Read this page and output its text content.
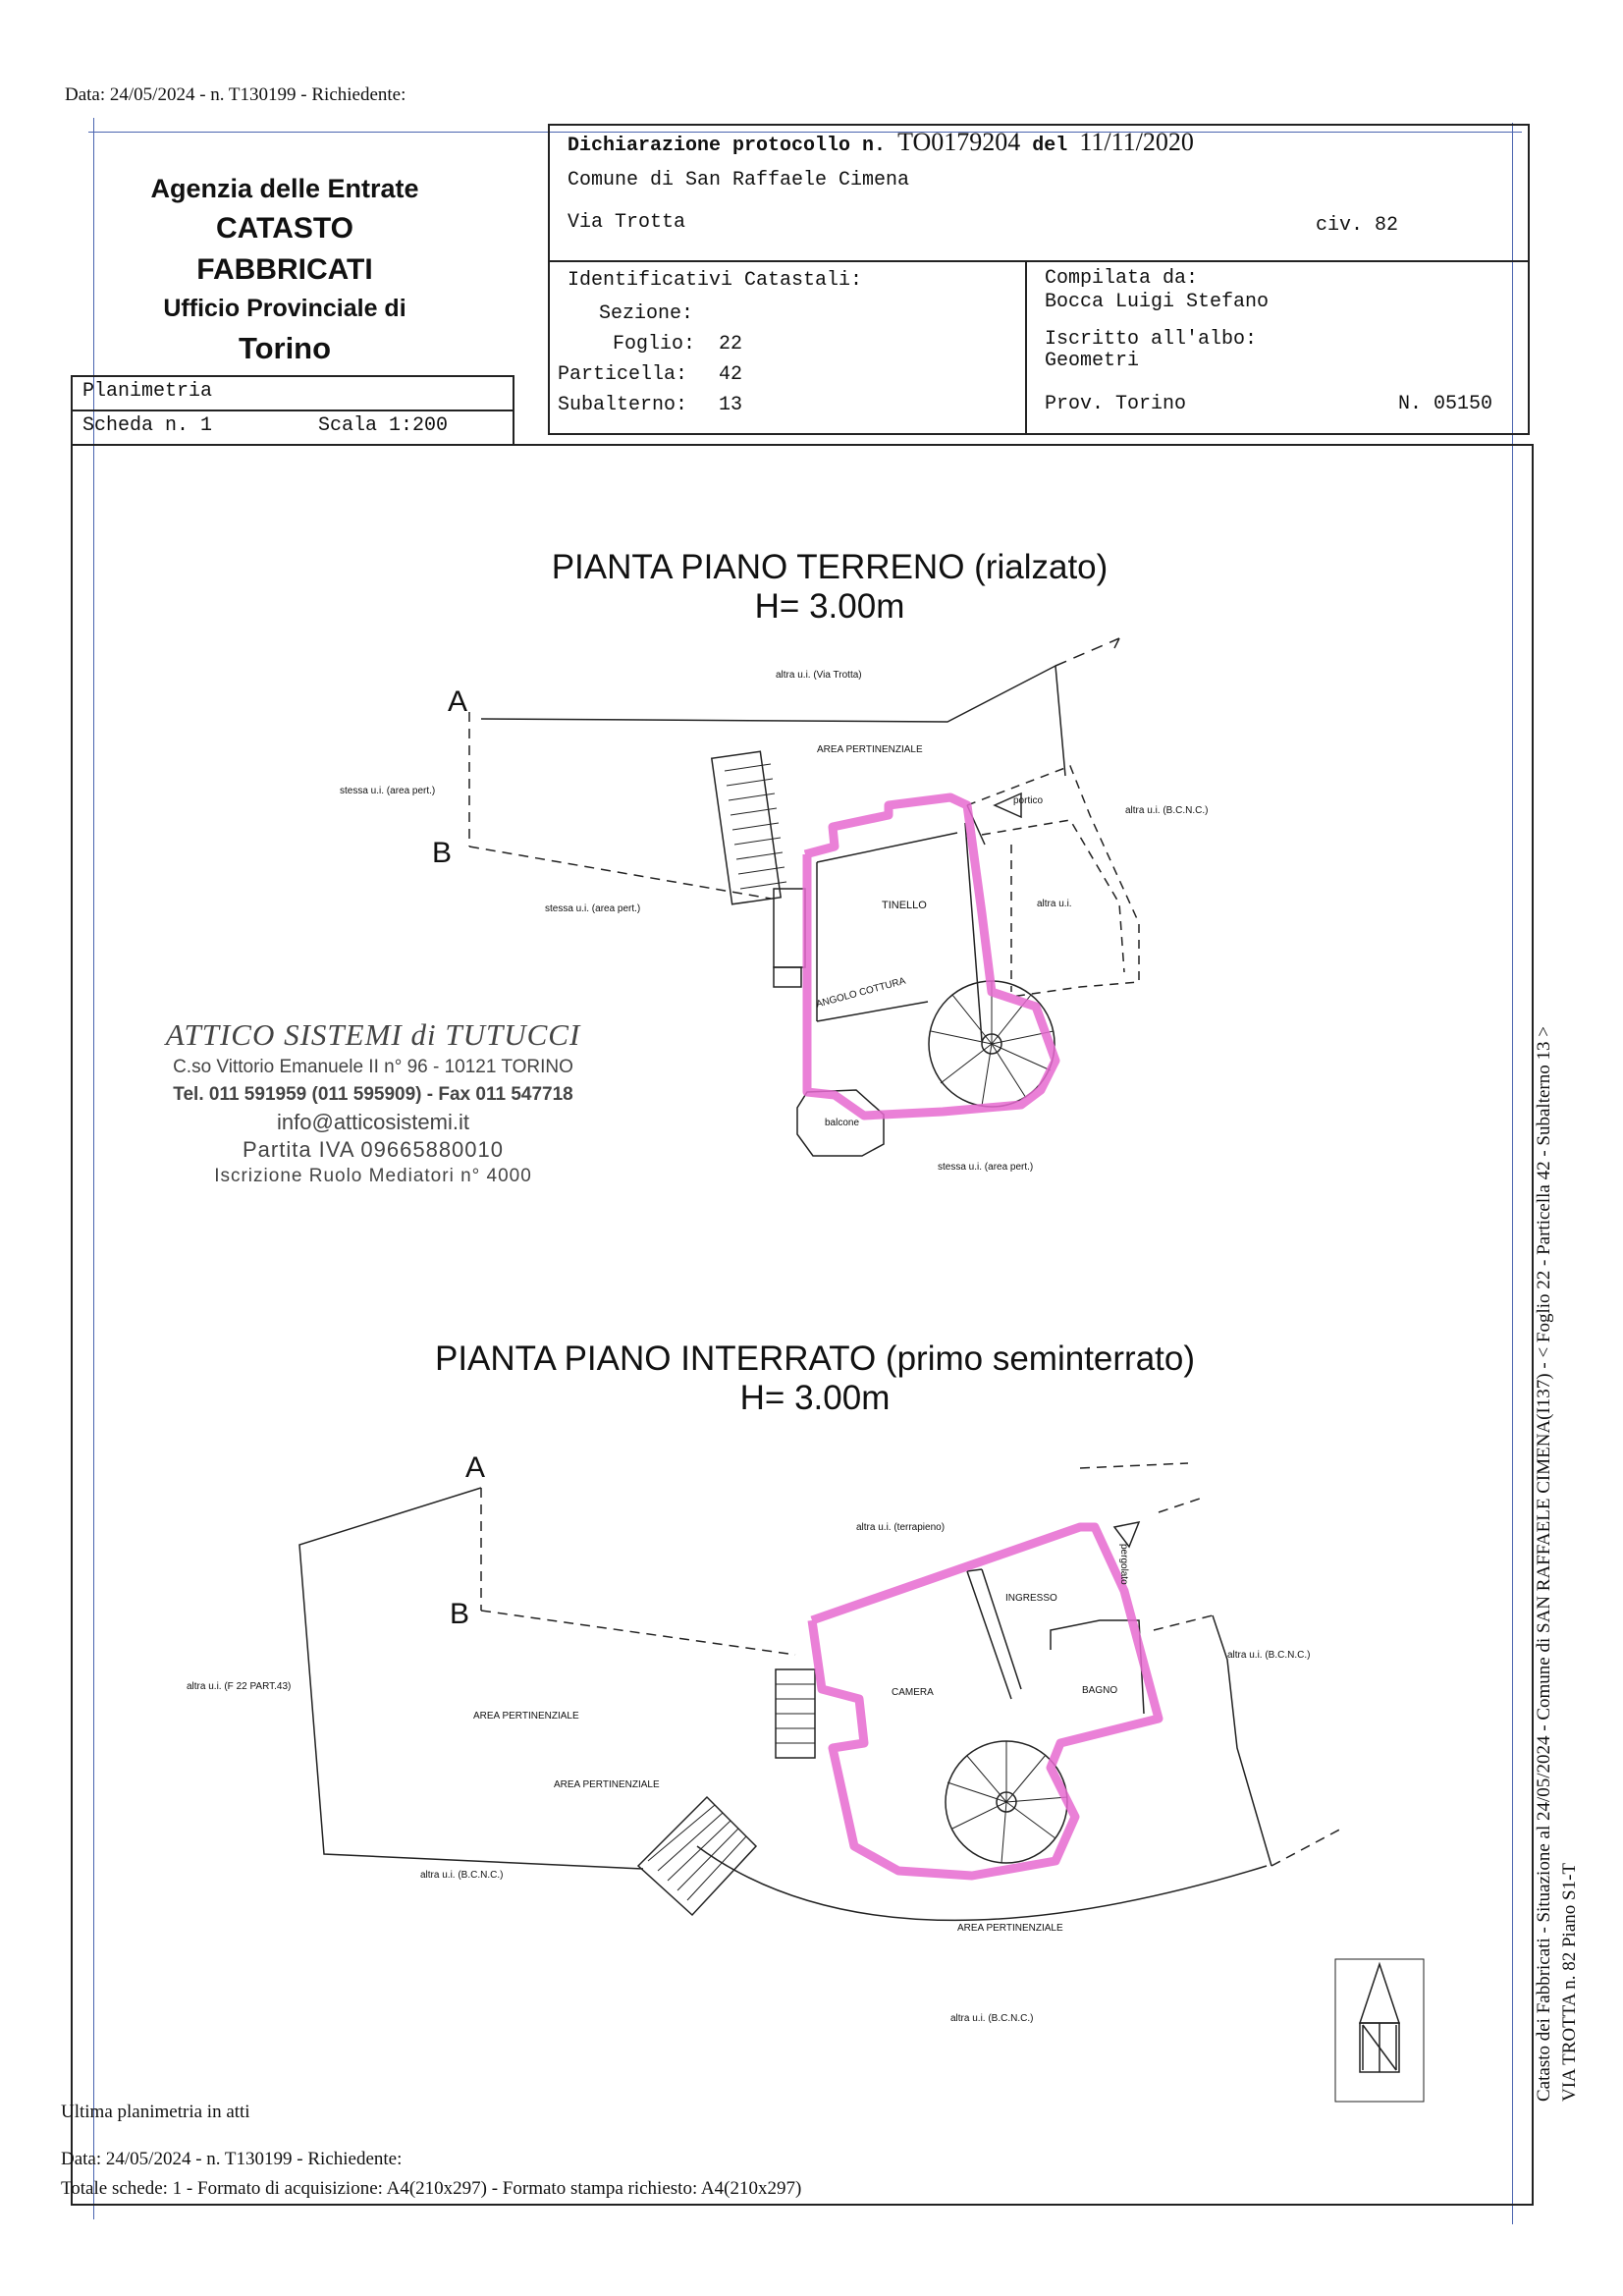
Data: 24/05/2024 - n. T130199 - Richiedente:
Agenzia delle Entrate
CATASTO FABBRICATI
Ufficio Provinciale di
Torino
Planimetria
Scheda n. 1	Scala 1:200
Dichiarazione protocollo n. TO0179204 del 11/11/2020
Comune di San Raffaele Cimena
Via Trotta	civ. 82
Identificativi Catastali:
Sezione:
Foglio: 22
Particella: 42
Subalterno: 13
Compilata da:
Bocca Luigi Stefano
Iscritto all'albo:
Geometri
Prov. Torino	N. 05150
PIANTA PIANO TERRENO (rialzato)
H= 3.00m
PIANTA PIANO INTERRATO (primo seminterrato)
H= 3.00m
A
B
altra u.i. (Via Trotta)
AREA PERTINENZIALE
stessa u.i. (area pert.)
stessa u.i. (area pert.)
portico
altra u.i. (B.C.N.C.)
TINELLO	altra u.i.
ANGOLO COTTURA
balcone
stessa u.i. (area pert.)
A
B
altra u.i. (terrapieno)
pergolato
INGRESSO
CAMERA	BAGNO
altra u.i. (B.C.N.C.)
altra u.i. (F 22 PART.43)
AREA PERTINENZIALE
AREA PERTINENZIALE
altra u.i. (B.C.N.C.)
AREA PERTINENZIALE
altra u.i. (B.C.N.C.)
ATTICO SISTEMI di TUTUCCI
C.so Vittorio Emanuele II n° 96 - 10121 TORINO
Tel. 011 591959 (011 595909) - Fax 011 547718
info@atticosistemi.it
Partita IVA 09665880010
Iscrizione Ruolo Mediatori n° 4000
Ultima planimetria in atti
Data: 24/05/2024 - n. T130199 - Richiedente:
Totale schede: 1 - Formato di acquisizione: A4(210x297) - Formato stampa richiesto: A4(210x297)
Catasto dei Fabbricati - Situazione al 24/05/2024 - Comune di SAN RAFFAELE CIMENA(I137) - < Foglio 22 - Particella 42 - Subalterno 13 > VIA TROTTA n. 82 Piano S1-T
